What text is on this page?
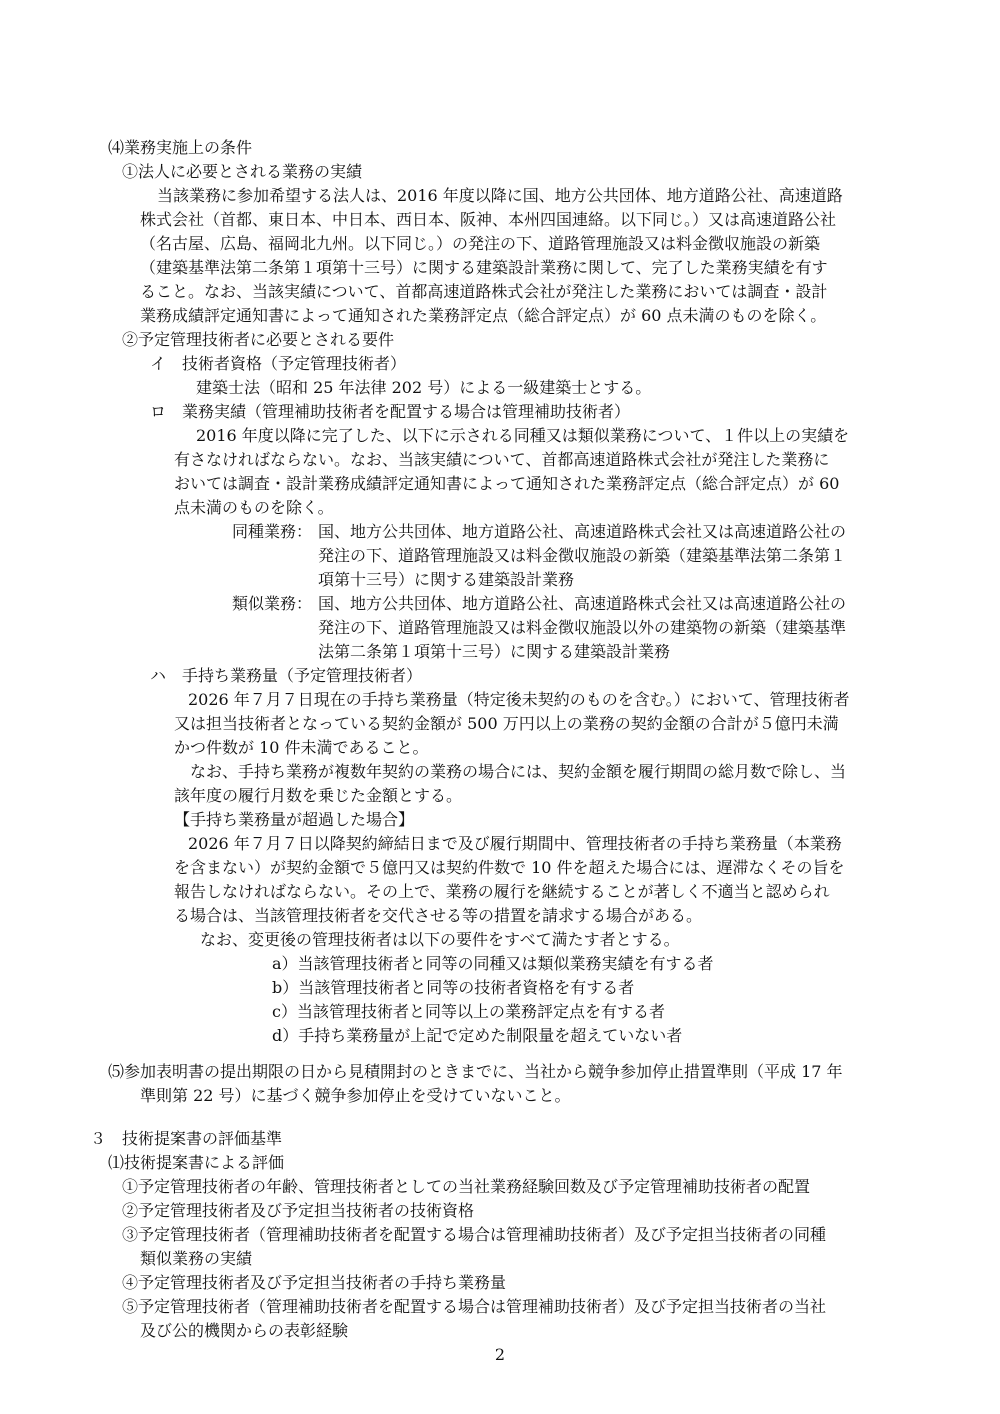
⑷業務実施上の条件
①法人に必要とされる業務の実績
当該業務に参加希望する法人は、2016 年度以降に国、地方公共団体、地方道路公社、高速道路
株式会社（首都、東日本、中日本、西日本、阪神、本州四国連絡。以下同じ。）又は高速道路公社
（名古屋、広島、福岡北九州。以下同じ。）の発注の下、道路管理施設又は料金徴収施設の新築
（建築基準法第二条第１項第十三号）に関する建築設計業務に関して、完了した業務実績を有す
ること。なお、当該実績について、首都高速道路株式会社が発注した業務においては調査・設計
業務成績評定通知書によって通知された業務評定点（総合評定点）が 60 点未満のものを除く。
②予定管理技術者に必要とされる要件
イ　技術者資格（予定管理技術者）
建築士法（昭和 25 年法律 202 号）による一級建築士とする。
ロ　業務実績（管理補助技術者を配置する場合は管理補助技術者）
2016 年度以降に完了した、以下に示される同種又は類似業務について、１件以上の実績を
有さなければならない。なお、当該実績について、首都高速道路株式会社が発注した業務に
おいては調査・設計業務成績評定通知書によって通知された業務評定点（総合評定点）が 60
点未満のものを除く。
同種業務： 国、地方公共団体、地方道路公社、高速道路株式会社又は高速道路公社の
発注の下、道路管理施設又は料金徴収施設の新築（建築基準法第二条第１
項第十三号）に関する建築設計業務
類似業務： 国、地方公共団体、地方道路公社、高速道路株式会社又は高速道路公社の
発注の下、道路管理施設又は料金徴収施設以外の建築物の新築（建築基準
法第二条第１項第十三号）に関する建築設計業務
ハ　手持ち業務量（予定管理技術者）
2026 年７月７日現在の手持ち業務量（特定後未契約のものを含む。）において、管理技術者
又は担当技術者となっている契約金額が 500 万円以上の業務の契約金額の合計が５億円未満
かつ件数が 10 件未満であること。
なお、手持ち業務が複数年契約の業務の場合には、契約金額を履行期間の総月数で除し、当
該年度の履行月数を乗じた金額とする。
【手持ち業務量が超過した場合】
2026 年７月７日以降契約締結日まで及び履行期間中、管理技術者の手持ち業務量（本業務
を含まない）が契約金額で５億円又は契約件数で 10 件を超えた場合には、遅滞なくその旨を
報告しなければならない。その上で、業務の履行を継続することが著しく不適当と認められ
る場合は、当該管理技術者を交代させる等の措置を請求する場合がある。
なお、変更後の管理技術者は以下の要件をすべて満たす者とする。
a）当該管理技術者と同等の同種又は類似業務実績を有する者
b）当該管理技術者と同等の技術者資格を有する者
c）当該管理技術者と同等以上の業務評定点を有する者
d）手持ち業務量が上記で定めた制限量を超えていない者
⑸参加表明書の提出期限の日から見積開封のときまでに、当社から競争参加停止措置準則（平成 17 年
準則第 22 号）に基づく競争参加停止を受けていないこと。
３　技術提案書の評価基準
⑴技術提案書による評価
①予定管理技術者の年齢、管理技術者としての当社業務経験回数及び予定管理補助技術者の配置
②予定管理技術者及び予定担当技術者の技術資格
③予定管理技術者（管理補助技術者を配置する場合は管理補助技術者）及び予定担当技術者の同種
類似業務の実績
④予定管理技術者及び予定担当技術者の手持ち業務量
⑤予定管理技術者（管理補助技術者を配置する場合は管理補助技術者）及び予定担当技術者の当社
及び公的機関からの表彰経験
2
